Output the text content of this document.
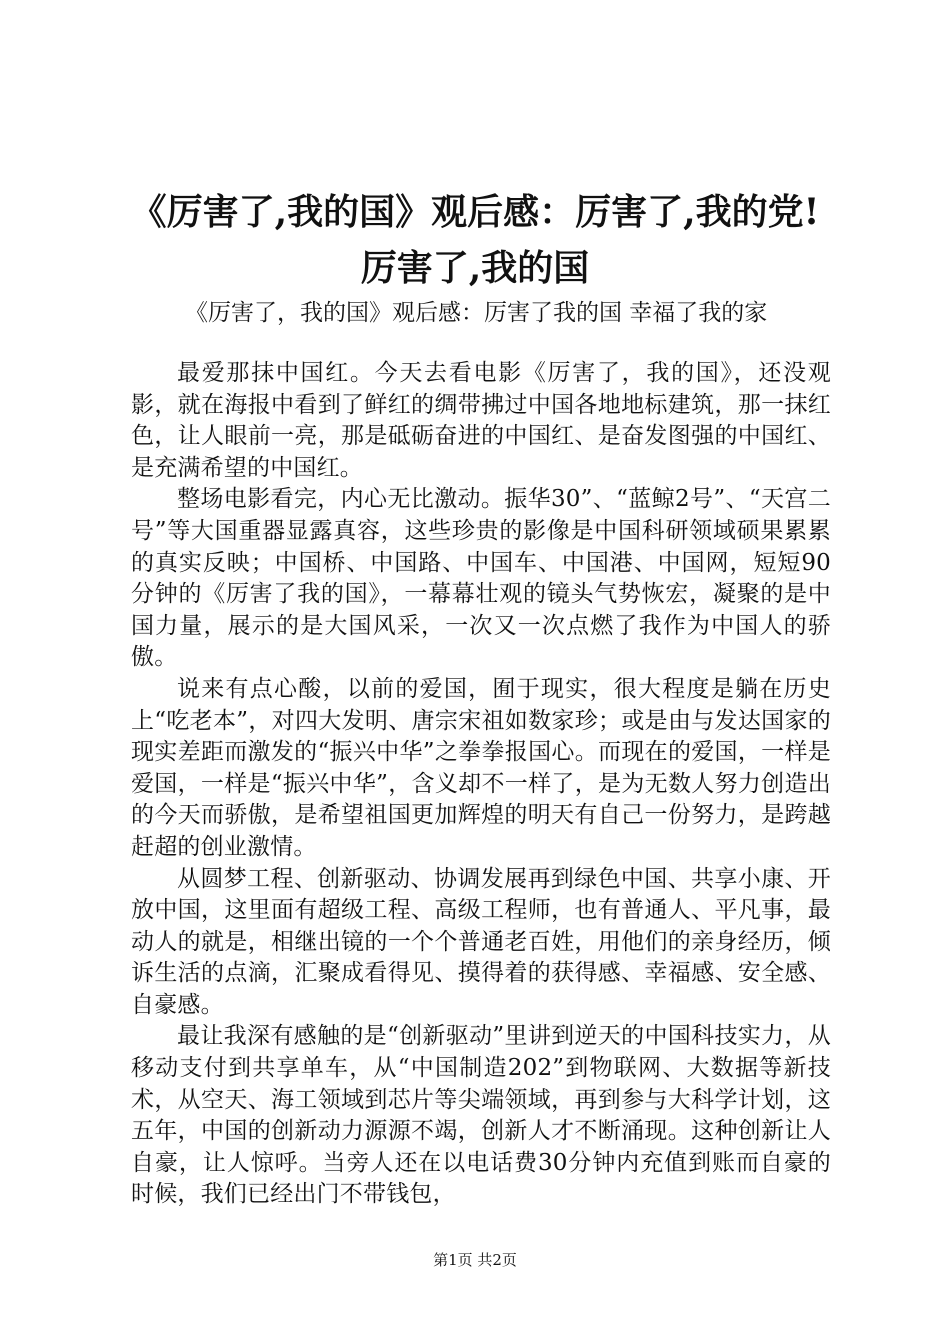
《厉害了,我的国》观后感：厉害了,我的党!
厉害了,我的国
《厉害了，我的国》观后感：厉害了我的国 幸福了我的家

最爱那抹中国红。今天去看电影《厉害了，我的国》，还没观影，就在海报中看到了鲜红的绸带拂过中国各地地标建筑，那一抹红色，让人眼前一亮，那是砥砺奋进的中国红、是奋发图强的中国红、是充满希望的中国红。

整场电影看完，内心无比激动。振华30”、“蓝鲸2号”、“天宫二号”等大国重器显露真容，这些珍贵的影像是中国科研领域硕果累累的真实反映；中国桥、中国路、中国车、中国港、中国网，短短90分钟的《厉害了我的国》，一幕幕壮观的镜头气势恢宏，凝聚的是中国力量，展示的是大国风采，一次又一次点燃了我作为中国人的骄傲。

说来有点心酸，以前的爱国，囿于现实，很大程度是躺在历史上“吃老本”，对四大发明、唐宗宋祖如数家珍；或是由与发达国家的现实差距而激发的“振兴中华”之拳拳报国心。而现在的爱国，一样是爱国，一样是“振兴中华”，含义却不一样了，是为无数人努力创造出的今天而骄傲，是希望祖国更加辉煌的明天有自己一份努力，是跨越赶超的创业激情。

从圆梦工程、创新驱动、协调发展再到绿色中国、共享小康、开放中国，这里面有超级工程、高级工程师，也有普通人、平凡事，最动人的就是，相继出镜的一个个普通老百姓，用他们的亲身经历，倾诉生活的点滴，汇聚成看得见、摸得着的获得感、幸福感、安全感、自豪感。

最让我深有感触的是“创新驱动”里讲到逆天的中国科技实力，从移动支付到共享单车，从“中国制造202”到物联网、大数据等新技术，从空天、海工领域到芯片等尖端领域，再到参与大科学计划，这五年，中国的创新动力源源不竭，创新人才不断涌现。这种创新让人自豪，让人惊呼。当旁人还在以电话费30分钟内充值到账而自豪的时候，我们已经出门不带钱包，

第1页 共2页
